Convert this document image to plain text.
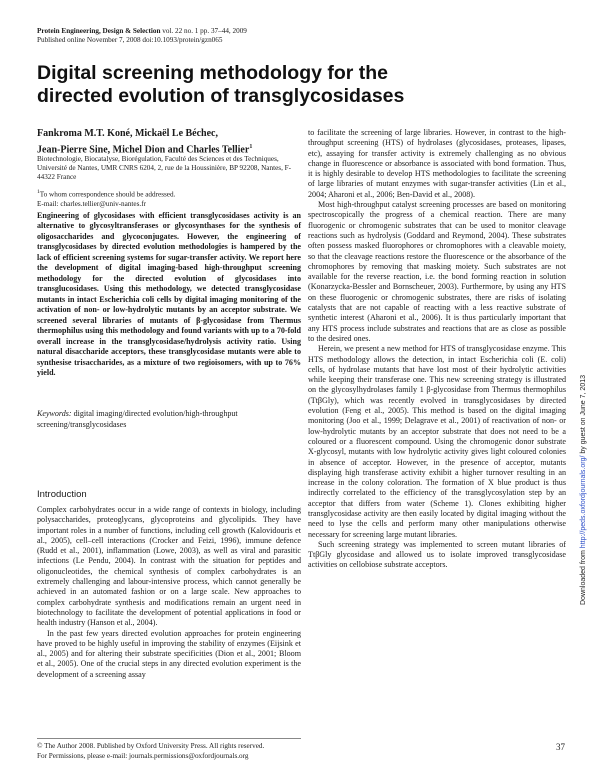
Protein Engineering, Design & Selection vol. 22 no. 1 pp. 37–44, 2009
Published online November 7, 2008 doi:10.1093/protein/gzn065
Digital screening methodology for the directed evolution of transglycosidases
Fankroma M.T. Koné, Mickaël Le Béchec,
Jean-Pierre Sine, Michel Dion and Charles Tellier$^1$
Biotechnologie, Biocatalyse, Biorégulation, Faculté des Sciences et des Techniques, Université de Nantes, UMR CNRS 6204, 2, rue de la Houssinière, BP 92208, Nantes, F-44322 France
$^1$To whom correspondence should be addressed.
E-mail: charles.tellier@univ-nantes.fr
Engineering of glycosidases with efficient transglycosidases activity is an alternative to glycosyltransferases or glycosynthases for the synthesis of oligosaccharides and glycoconjugates. However, the engineering of transglycosidases by directed evolution methodologies is hampered by the lack of efficient screening systems for sugar-transfer activity. We report here the development of digital imaging-based high-throughput screening methodology for the directed evolution of glycosidases into transglucosidases. Using this methodology, we detected transglycosidase mutants in intact Escherichia coli cells by digital imaging monitoring of the activation of non- or low-hydrolytic mutants by an acceptor substrate. We screened several libraries of mutants of β-glycosidase from Thermus thermophilus using this methodology and found variants with up to a 70-fold overall increase in the transglycosidase/hydrolysis activity ratio. Using natural disaccharide acceptors, these transglycosidase mutants were able to synthesise trisaccharides, as a mixture of two regioisomers, with up to 76% yield.
Keywords: digital imaging/directed evolution/high-throughput screening/transglycosidases
Introduction

Complex carbohydrates occur in a wide range of contexts in biology, including polysaccharides, proteoglycans, glycoproteins and glycolipids. They have important roles in a number of functions, including cell growth (Kalovidouris et al., 2005), cell–cell interactions (Crocker and Feizi, 1996), immune defence (Rudd et al., 2001), inflammation (Lowe, 2003), as well as viral and parasitic infections (Le Pendu, 2004). In contrast with the situation for peptides and oligonucleotides, the chemical synthesis of complex carbohydrates is an extremely challenging and labour-intensive process, which cannot generally be achieved in an automated fashion or on a large scale. New approaches to complex carbohydrate synthesis and modifications remain an urgent need in biotechnology to facilitate the development of potential applications in food or health industry (Hanson et al., 2004).

In the past few years directed evolution approaches for protein engineering have proved to be highly useful in improving the stability of enzymes (Eijsink et al., 2005) and for altering their substrate specificities (Dion et al., 2001; Bloom et al., 2005). One of the crucial steps in any directed evolution experiment is the development of a screening assay

to facilitate the screening of large libraries. However, in contrast to the high-throughput screening (HTS) of hydrolases (glycosidases, proteases, lipases, etc), assaying for transfer activity is extremely challenging as no obvious change in fluorescence or absorbance is associated with bond formation. Thus, it is highly desirable to develop HTS methodologies to facilitate the screening of large libraries of mutant enzymes with sugar-transfer activities (Lin et al., 2004; Aharoni et al., 2006; Ben-David et al., 2008).

Most high-throughput catalyst screening processes are based on monitoring spectroscopically the progress of a chemical reaction. There are many fluorogenic or chromogenic substrates that can be used to monitor cleavage reactions such as hydrolysis (Goddard and Reymond, 2004). These substrates often possess masked fluorophores or chromophores with a cleavable moiety, so that the cleavage reactions restore the fluorescence or the absorbance of the chromophores by removing that masking moiety. Such substrates are not available for the reverse reaction, i.e. the bond forming reaction in solution (Konarzycka-Bessler and Bornscheuer, 2003). Furthermore, by using any HTS on these fluorogenic or chromogenic substrates, there are risks of isolating catalysts that are not capable of reacting with a less reactive substrate of synthetic interest (Aharoni et al., 2006). It is thus particularly important that any HTS process include substrates and reactions that are as close as possible to the desired ones.

Herein, we present a new method for HTS of transglycosidase enzyme. This HTS methodology allows the detection, in intact Escherichia coli (E. coli) cells, of hydrolase mutants that have lost most of their hydrolytic activities while keeping their transferase one. This new screening strategy is illustrated on the glycosylhydrolases family 1 β-glycosidase from Thermus thermophilus (TtβGly), which was recently evolved in transglycosidases by directed evolution (Feng et al., 2005). This method is based on the digital imaging monitoring (Joo et al., 1999; Delagrave et al., 2001) of reactivation of non- or low-hydrolytic mutants by an acceptor substrate that does not need to be a coloured or a fluorescent compound. Using the chromogenic donor substrate X-glycosyl, mutants with low hydrolytic activity gives light coloured colonies in absence of acceptor. However, in the presence of acceptor, mutants displaying high transferase activity exhibit a higher turnover resulting in an increase in the colony coloration. The formation of X blue product is thus indirectly correlated to the efficiency of the transglycosylation step by an acceptor that differs from water (Scheme 1). Clones exhibiting higher transglycosidase activity are then easily located by digital imaging without the need to lyse the cells and perform many other manipulations otherwise necessary for screening large mutant libraries.

Such screening strategy was implemented to screen mutant libraries of TtβGly glycosidase and allowed us to isolate improved transglycosidase activities on cellobiose substrate acceptors.	Downloaded from http://peds.oxfordjournals.org/ by guest on June 7, 2013
© The Author 2008. Published by Oxford University Press. All rights reserved.
For Permissions, please e-mail: journals.permissions@oxfordjournals.org
37
